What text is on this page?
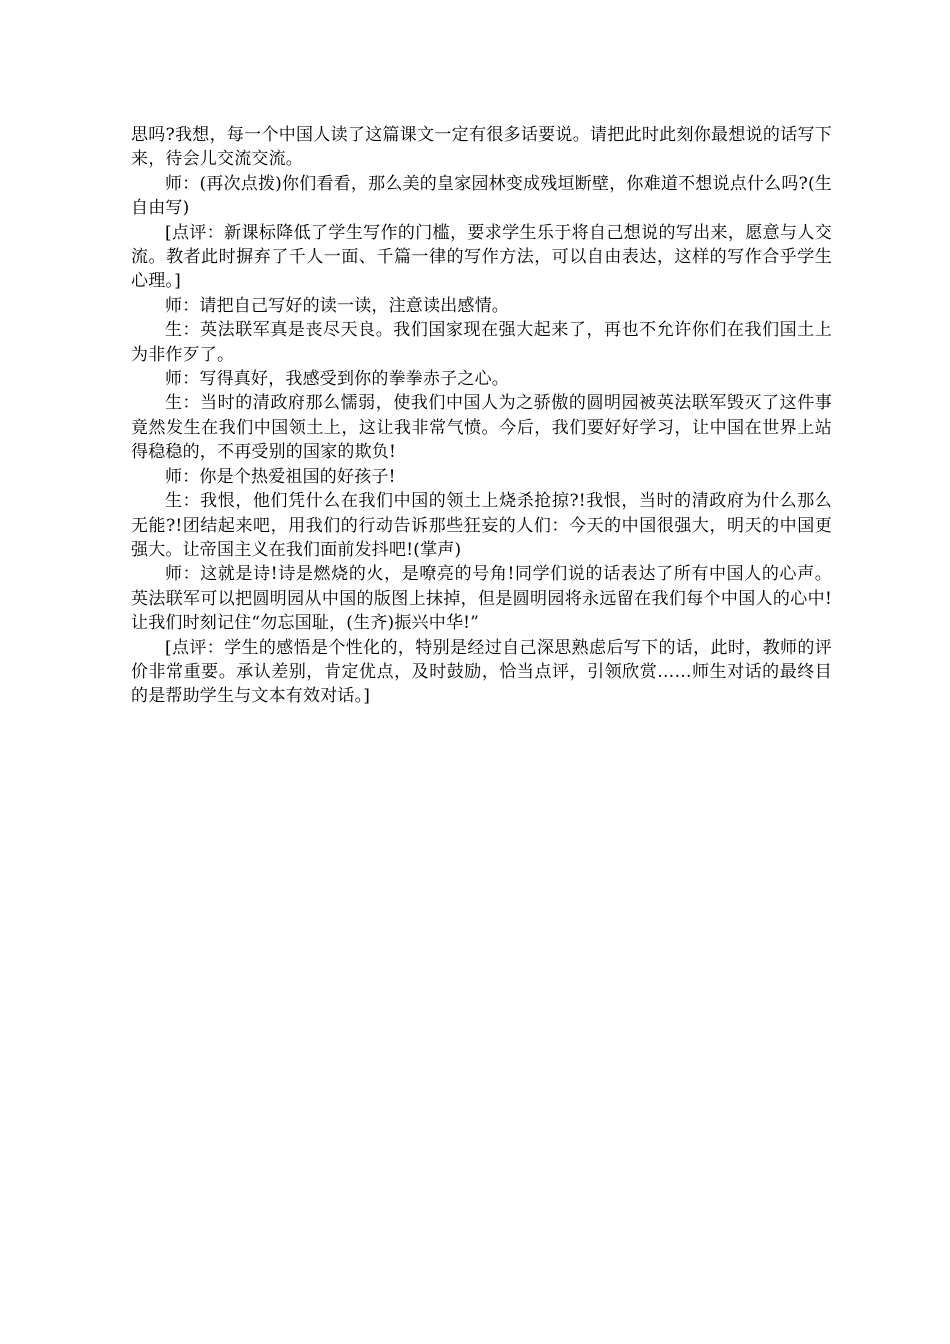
思吗?我想，每一个中国人读了这篇课文一定有很多话要说。请把此时此刻你最想说的话写下来，待会儿交流交流。

师：(再次点拨)你们看看，那么美的皇家园林变成残垣断壁，你难道不想说点什么吗?(生自由写)

[点评：新课标降低了学生写作的门槛，要求学生乐于将自己想说的写出来，愿意与人交流。教者此时摒弃了千人一面、千篇一律的写作方法，可以自由表达，这样的写作合乎学生心理。]

师：请把自己写好的读一读，注意读出感情。

生：英法联军真是丧尽天良。我们国家现在强大起来了，再也不允许你们在我们国土上为非作歹了。

师：写得真好，我感受到你的拳拳赤子之心。

生：当时的清政府那么懦弱，使我们中国人为之骄傲的圆明园被英法联军毁灭了这件事竟然发生在我们中国领土上，这让我非常气愤。今后，我们要好好学习，让中国在世界上站得稳稳的，不再受别的国家的欺负!

师：你是个热爱祖国的好孩子!

生：我恨，他们凭什么在我们中国的领土上烧杀抢掠?!我恨，当时的清政府为什么那么无能?!团结起来吧，用我们的行动告诉那些狂妄的人们：今天的中国很强大，明天的中国更强大。让帝国主义在我们面前发抖吧!(掌声)

师：这就是诗!诗是燃烧的火，是嘹亮的号角!同学们说的话表达了所有中国人的心声。英法联军可以把圆明园从中国的版图上抹掉，但是圆明园将永远留在我们每个中国人的心中!让我们时刻记住“勿忘国耻，(生齐)振兴中华!”

[点评：学生的感悟是个性化的，特别是经过自己深思熟虑后写下的话，此时，教师的评价非常重要。承认差别，肯定优点，及时鼓励，恰当点评，引领欣赏……师生对话的最终目的是帮助学生与文本有效对话。]
